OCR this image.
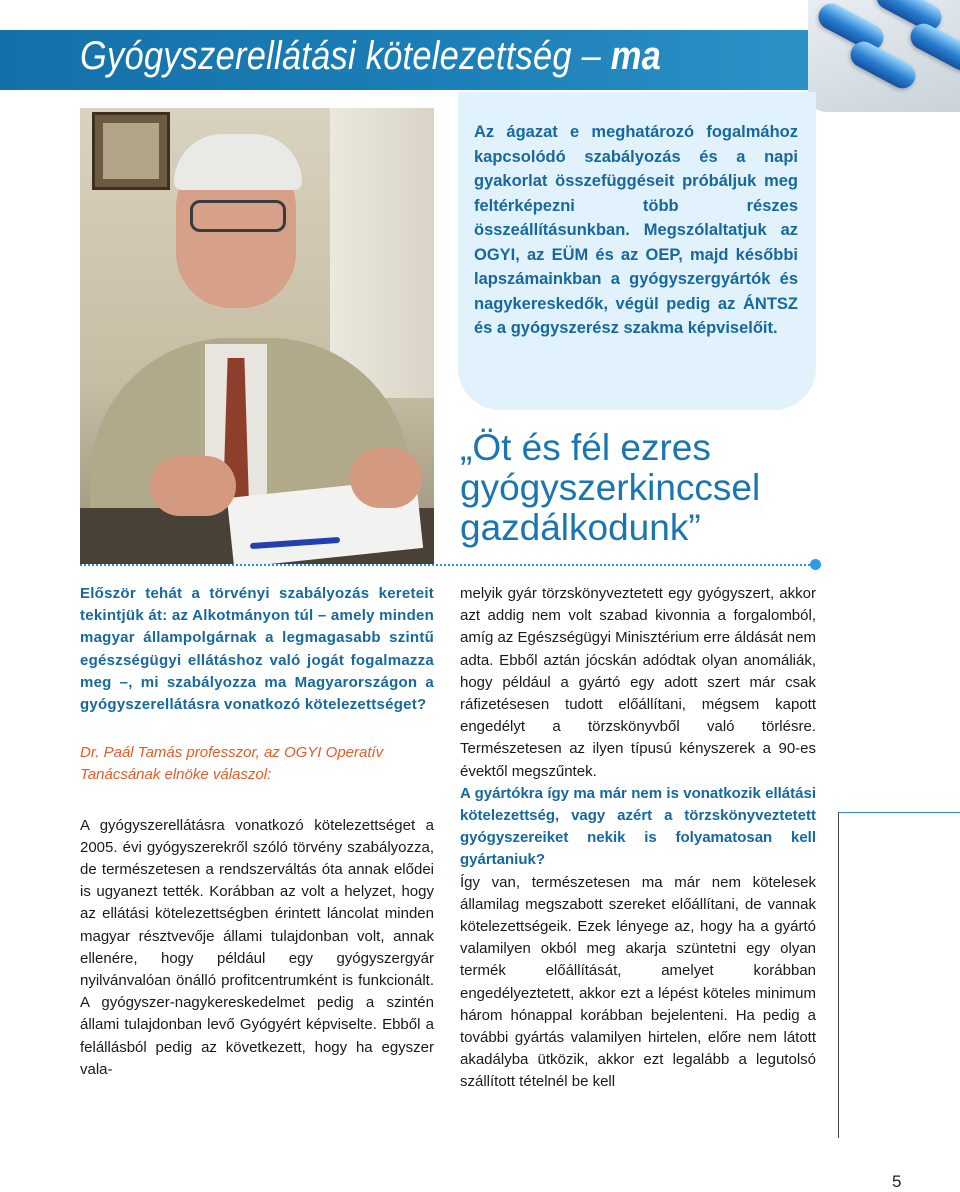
Gyógyszerellátási kötelezettség – ma

Az ágazat e meghatározó fogalmához kapcsolódó szabályozás és a napi gyakorlat összefüggéseit próbáljuk meg feltérképezni több részes összeállításunkban. Megszólaltatjuk az OGYI, az EÜM és az OEP, majd későbbi lapszámainkban a gyógyszergyártók és nagykereskedők, végül pedig az ÁNTSZ és a gyógyszerész szakma képviselőit.

„Öt és fél ezres gyógyszerkinccsel gazdálkodunk”

Először tehát a törvényi szabályozás kereteit tekintjük át: az Alkotmányon túl – amely minden magyar állampolgárnak a legmagasabb szintű egészségügyi ellátáshoz való jogát fogalmazza meg –, mi szabályozza ma Magyarországon a gyógyszerellátásra vonatkozó kötelezettséget?

Dr. Paál Tamás professzor, az OGYI Operatív Tanácsának elnöke válaszol:

A gyógyszerellátásra vonatkozó kötelezettséget a 2005. évi gyógyszerekről szóló törvény szabályozza, de természetesen a rendszerváltás óta annak elődei is ugyanezt tették. Korábban az volt a helyzet, hogy az ellátási kötelezettségben érintett láncolat minden magyar résztvevője állami tulajdonban volt, annak ellenére, hogy például egy gyógyszergyár nyilvánvalóan önálló profitcentrumként is funkcionált. A gyógyszer-nagykereskedelmet pedig a szintén állami tulajdonban levő Gyógyért képviselte. Ebből a felállásból pedig az következett, hogy ha egyszer vala-

melyik gyár törzskönyveztetett egy gyógyszert, akkor azt addig nem volt szabad kivonnia a forgalomból, amíg az Egészségügyi Minisztérium erre áldását nem adta. Ebből aztán jócskán adódtak olyan anomáliák, hogy például a gyártó egy adott szert már csak ráfizetésesen tudott előállítani, mégsem kapott engedélyt a törzskönyvből való törlésre. Természetesen az ilyen típusú kényszerek a 90-es évektől megszűntek.

A gyártókra így ma már nem is vonatkozik ellátási kötelezettség, vagy azért a törzskönyveztetett gyógyszereiket nekik is folyamatosan kell gyártaniuk?

Így van, természetesen ma már nem kötelesek államilag megszabott szereket előállítani, de vannak kötelezettségeik. Ezek lényege az, hogy ha a gyártó valamilyen okból meg akarja szüntetni egy olyan termék előállítását, amelyet korábban engedélyeztetett, akkor ezt a lépést köteles minimum három hónappal korábban bejelenteni. Ha pedig a további gyártás valamilyen hirtelen, előre nem látott akadályba ütközik, akkor ezt legalább a legutolsó szállított tételnél be kell

5
